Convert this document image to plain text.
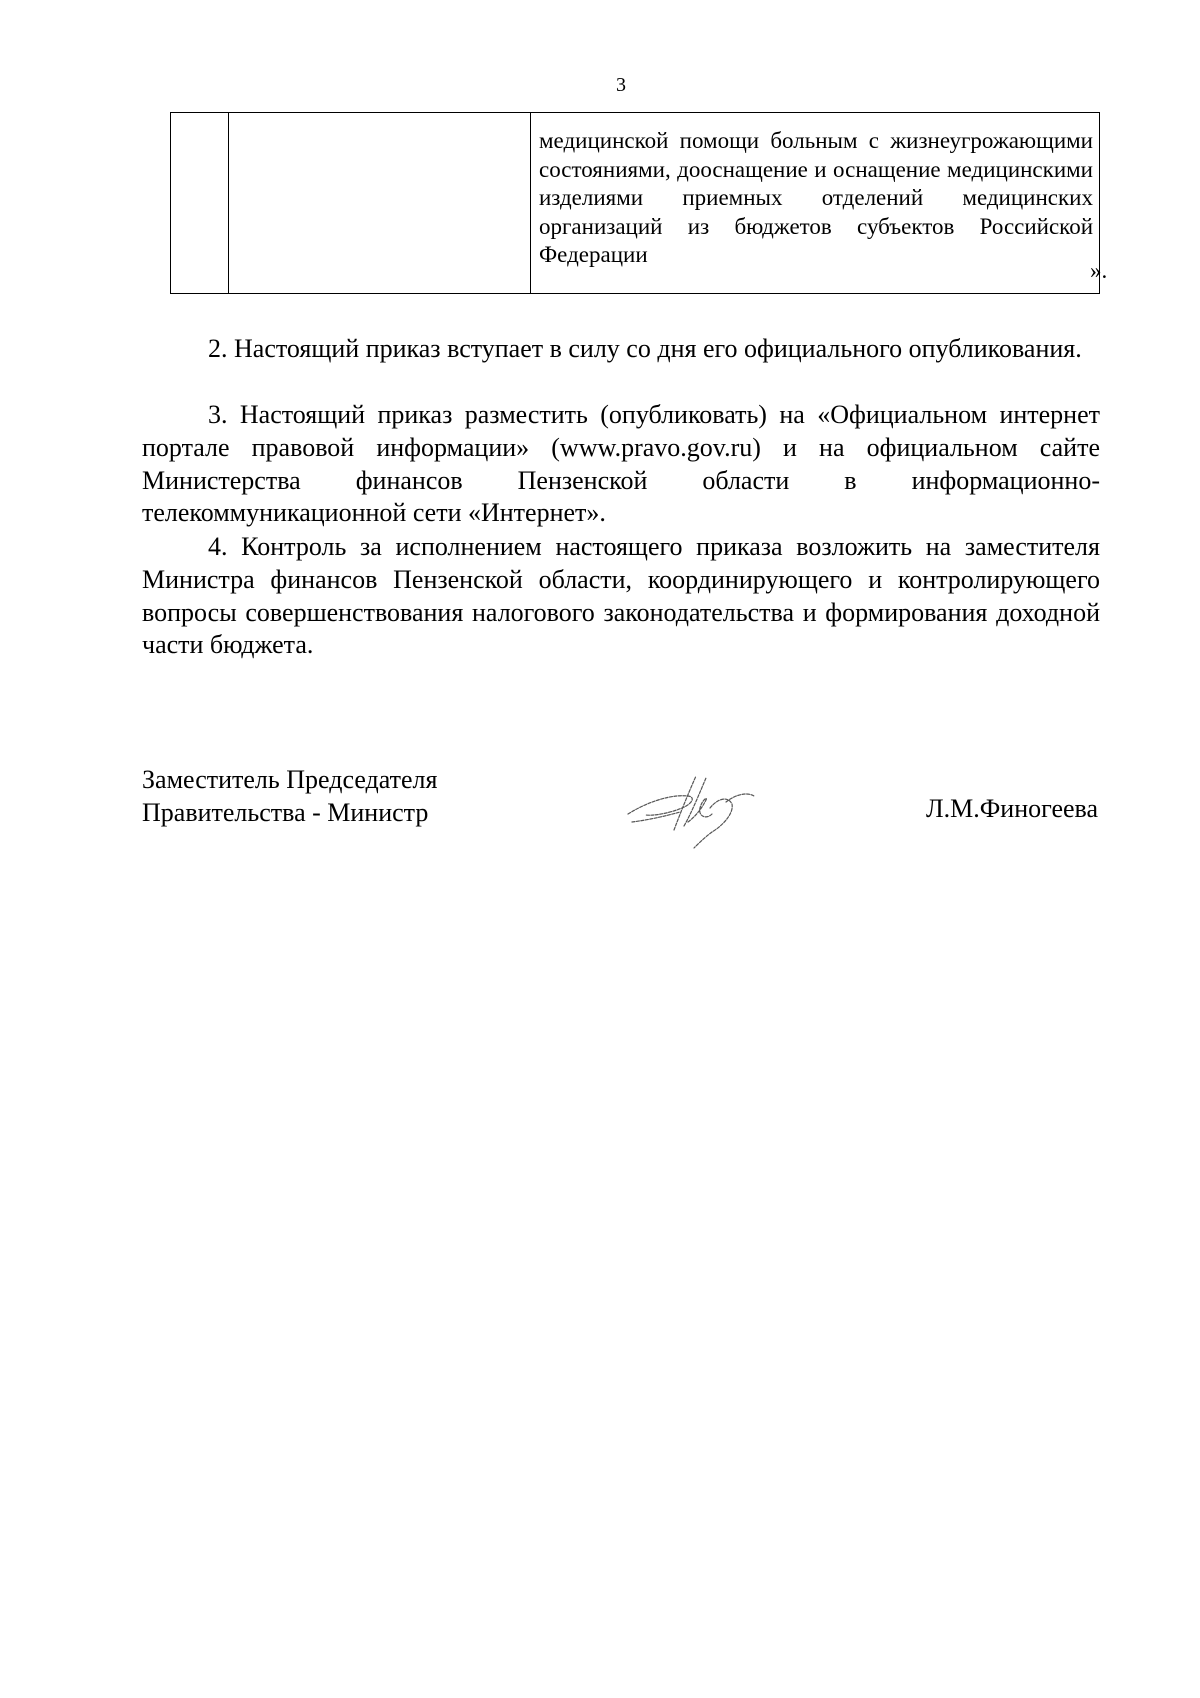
3

медицинской помощи больным с жизнеугрожающими состояниями, дооснащение и оснащение медицинскими изделиями приемных отделений медицинских организаций из бюджетов субъектов Российской Федерации
».
2. Настоящий приказ вступает в силу со дня его официального опубликования.
3. Настоящий приказ разместить (опубликовать) на «Официальном интернет портале правовой информации» (www.pravo.gov.ru) и на официальном сайте Министерства финансов Пензенской области в информационно-телекоммуникационной сети «Интернет».
4. Контроль за исполнением настоящего приказа возложить на заместителя Министра финансов Пензенской области, координирующего и контролирующего вопросы совершенствования налогового законодательства и формирования доходной части бюджета.
Заместитель Председателя
Правительства - Министр	Л.М.Финогеева
